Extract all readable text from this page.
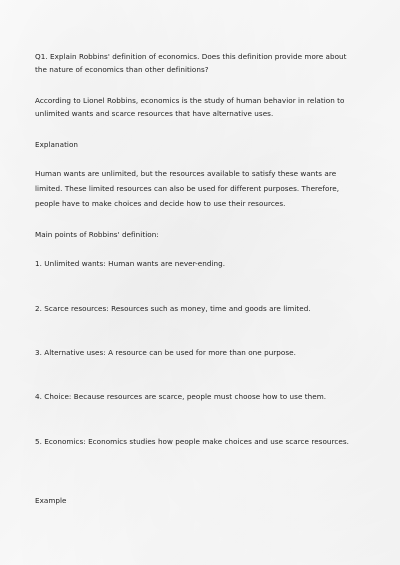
Q1. Explain Robbins' definition of economics. Does this definition provide more about
the nature of economics than other definitions?
According to Lionel Robbins, economics is the study of human behavior in relation to
unlimited wants and scarce resources that have alternative uses.
Explanation
Human wants are unlimited, but the resources available to satisfy these wants are
limited. These limited resources can also be used for different purposes. Therefore,
people have to make choices and decide how to use their resources.
Main points of Robbins' definition:
1. Unlimited wants: Human wants are never-ending.
2. Scarce resources: Resources such as money, time and goods are limited.
3. Alternative uses: A resource can be used for more than one purpose.
4. Choice: Because resources are scarce, people must choose how to use them.
5. Economics: Economics studies how people make choices and use scarce resources.
Example
